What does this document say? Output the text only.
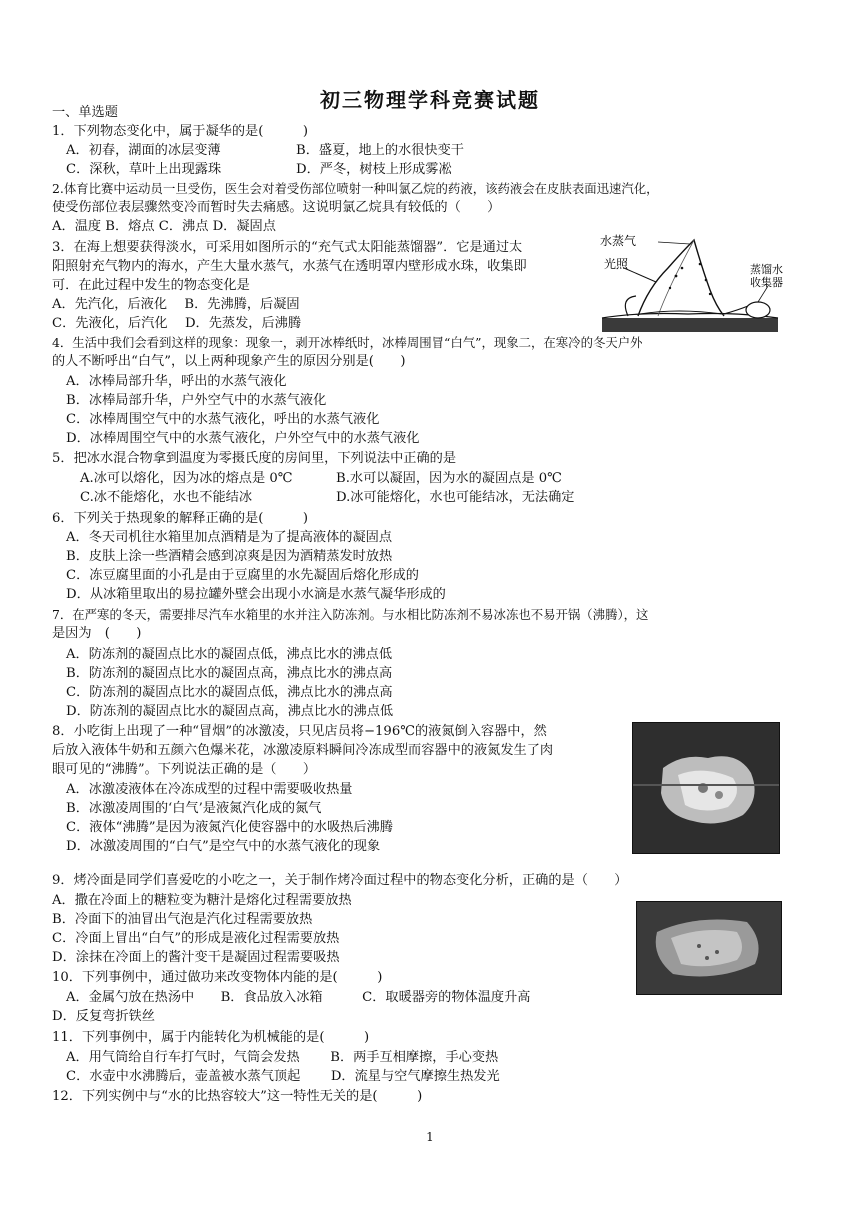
初三物理学科竞赛试题
一、单选题
1．下列物态变化中，属于凝华的是(　　　)
A．初春，湖面的冰层变薄	B．盛夏，地上的水很快变干
C．深秋，草叶上出现露珠	D．严冬，树枝上形成雾凇
2.体育比赛中运动员一旦受伤，医生会对着受伤部位喷射一种叫氯乙烷的药液，该药液会在皮肤表面迅速汽化，
使受伤部位表层骤然变冷而暂时失去痛感。这说明氯乙烷具有较低的（　　）
A．温度 B．熔点 C．沸点 D．凝固点
3．在海上想要获得淡水，可采用如图所示的“充气式太阳能蒸馏器”．它是通过太
阳照射充气物内的海水，产生大量水蒸气，水蒸气在透明罩内壁形成水珠，收集即
可．在此过程中发生的物态变化是
A．先汽化，后液化　 B．先沸腾，后凝固
C．先液化，后汽化　 D．先蒸发，后沸腾
水蒸气
光照	蒸馏水
收集器
4．生活中我们会看到这样的现象：现象一，剥开冰棒纸时，冰棒周围冒“白气”，现象二，在寒冷的冬天户外
的人不断呼出“白气”，以上两种现象产生的原因分别是(　　)
A．冰棒局部升华，呼出的水蒸气液化
B．冰棒局部升华，户外空气中的水蒸气液化
C．冰棒周围空气中的水蒸气液化，呼出的水蒸气液化
D．冰棒周围空气中的水蒸气液化，户外空气中的水蒸气液化
5．把冰水混合物拿到温度为零摄氏度的房间里，下列说法中正确的是
A.冰可以熔化，因为冰的熔点是 0℃	B.水可以凝固，因为水的凝固点是 0℃
C.冰不能熔化，水也不能结冰	D.冰可能熔化，水也可能结冰，无法确定
6．下列关于热现象的解释正确的是(　　　)
A．冬天司机往水箱里加点酒精是为了提高液体的凝固点
B．皮肤上涂一些酒精会感到凉爽是因为酒精蒸发时放热
C．冻豆腐里面的小孔是由于豆腐里的水先凝固后熔化形成的
D．从冰箱里取出的易拉罐外壁会出现小水滴是水蒸气凝华形成的
7．在严寒的冬天，需要排尽汽车水箱里的水并注入防冻剂。与水相比防冻剂不易冰冻也不易开锅（沸腾），这
是因为　(　　)
A．防冻剂的凝固点比水的凝固点低，沸点比水的沸点低
B．防冻剂的凝固点比水的凝固点高，沸点比水的沸点高
C．防冻剂的凝固点比水的凝固点低，沸点比水的沸点高
D．防冻剂的凝固点比水的凝固点高，沸点比水的沸点低
8．小吃街上出现了一种“冒烟”的冰激凌，只见店员将−196℃的液氮倒入容器中，然
后放入液体牛奶和五颜六色爆米花，冰激凌原料瞬间冷冻成型而容器中的液氮发生了肉
眼可见的“沸腾”。下列说法正确的是（　　）
A．冰激凌液体在冷冻成型的过程中需要吸收热量
B．冰激凌周围的‘白气’是液氮汽化成的氮气
C．液体“沸腾”是因为液氮汽化使容器中的水吸热后沸腾
D．冰激凌周围的“白气”是空气中的水蒸气液化的现象
9．烤冷面是同学们喜爱吃的小吃之一，关于制作烤冷面过程中的物态变化分析，正确的是（　　）
A．撒在冷面上的糖粒变为糖汁是熔化过程需要放热
B．冷面下的油冒出气泡是汽化过程需要放热
C．冷面上冒出“白气”的形成是液化过程需要放热
D．涂抹在冷面上的酱汁变干是凝固过程需要吸热
10．下列事例中，通过做功来改变物体内能的是(　　　)
A．金属勺放在热汤中　　B．食品放入冰箱　　　C．取暖器旁的物体温度升高
D．反复弯折铁丝
11．下列事例中，属于内能转化为机械能的是(　　　)
A．用气筒给自行车打气时，气筒会发热　　 B．两手互相摩擦，手心变热
C．水壶中水沸腾后，壶盖被水蒸气顶起　　 D．流星与空气摩擦生热发光
12．下列实例中与“水的比热容较大”这一特性无关的是(　　　)
1
